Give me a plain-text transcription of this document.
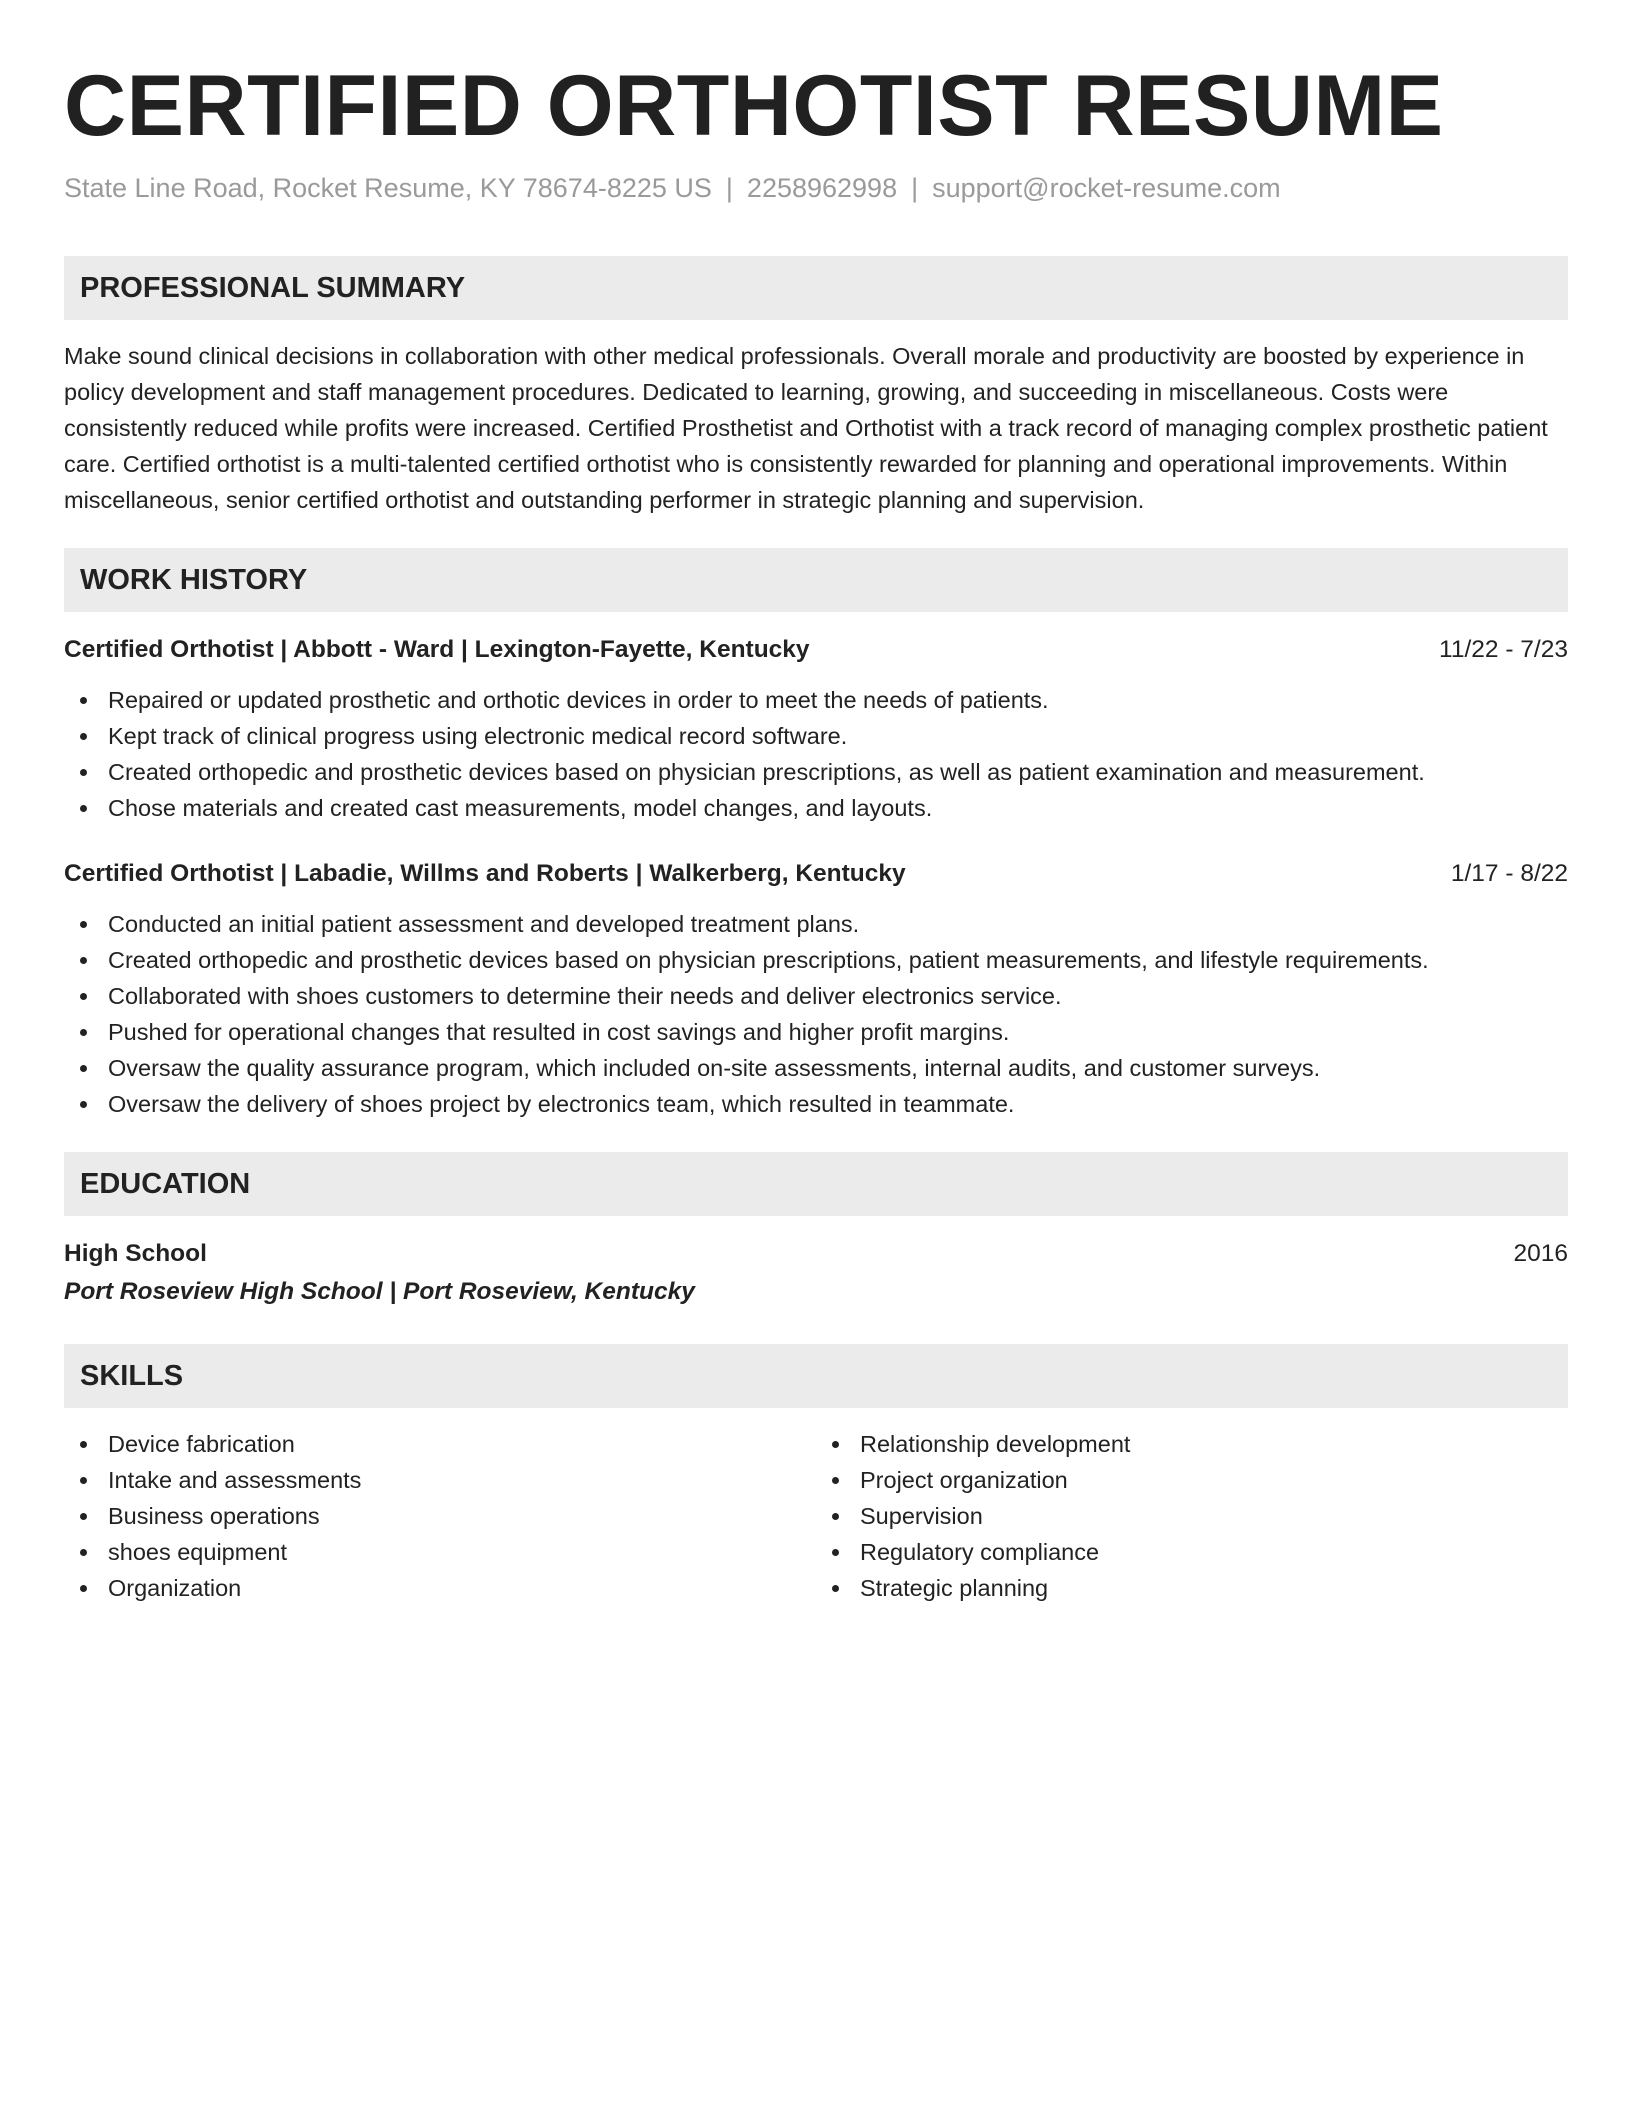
CERTIFIED ORTHOTIST RESUME
State Line Road, Rocket Resume, KY 78674-8225 US | 2258962998 | support@rocket-resume.com
PROFESSIONAL SUMMARY

Make sound clinical decisions in collaboration with other medical professionals. Overall morale and productivity are boosted by experience in policy development and staff management procedures. Dedicated to learning, growing, and succeeding in miscellaneous. Costs were consistently reduced while profits were increased. Certified Prosthetist and Orthotist with a track record of managing complex prosthetic patient care. Certified orthotist is a multi-talented certified orthotist who is consistently rewarded for planning and operational improvements. Within miscellaneous, senior certified orthotist and outstanding performer in strategic planning and supervision.

WORK HISTORY
Certified Orthotist | Abbott - Ward | Lexington-Fayette, Kentucky	11/22 - 7/23
Repaired or updated prosthetic and orthotic devices in order to meet the needs of patients.
Kept track of clinical progress using electronic medical record software.
Created orthopedic and prosthetic devices based on physician prescriptions, as well as patient examination and measurement.
Chose materials and created cast measurements, model changes, and layouts.
Certified Orthotist | Labadie, Willms and Roberts | Walkerberg, Kentucky	1/17 - 8/22
Conducted an initial patient assessment and developed treatment plans.
Created orthopedic and prosthetic devices based on physician prescriptions, patient measurements, and lifestyle requirements.
Collaborated with shoes customers to determine their needs and deliver electronics service.
Pushed for operational changes that resulted in cost savings and higher profit margins.
Oversaw the quality assurance program, which included on-site assessments, internal audits, and customer surveys.
Oversaw the delivery of shoes project by electronics team, which resulted in teammate.
EDUCATION
High School	2016
Port Roseview High School | Port Roseview, Kentucky
SKILLS
Device fabrication
Intake and assessments
Business operations
shoes equipment
Organization
Relationship development
Project organization
Supervision
Regulatory compliance
Strategic planning
